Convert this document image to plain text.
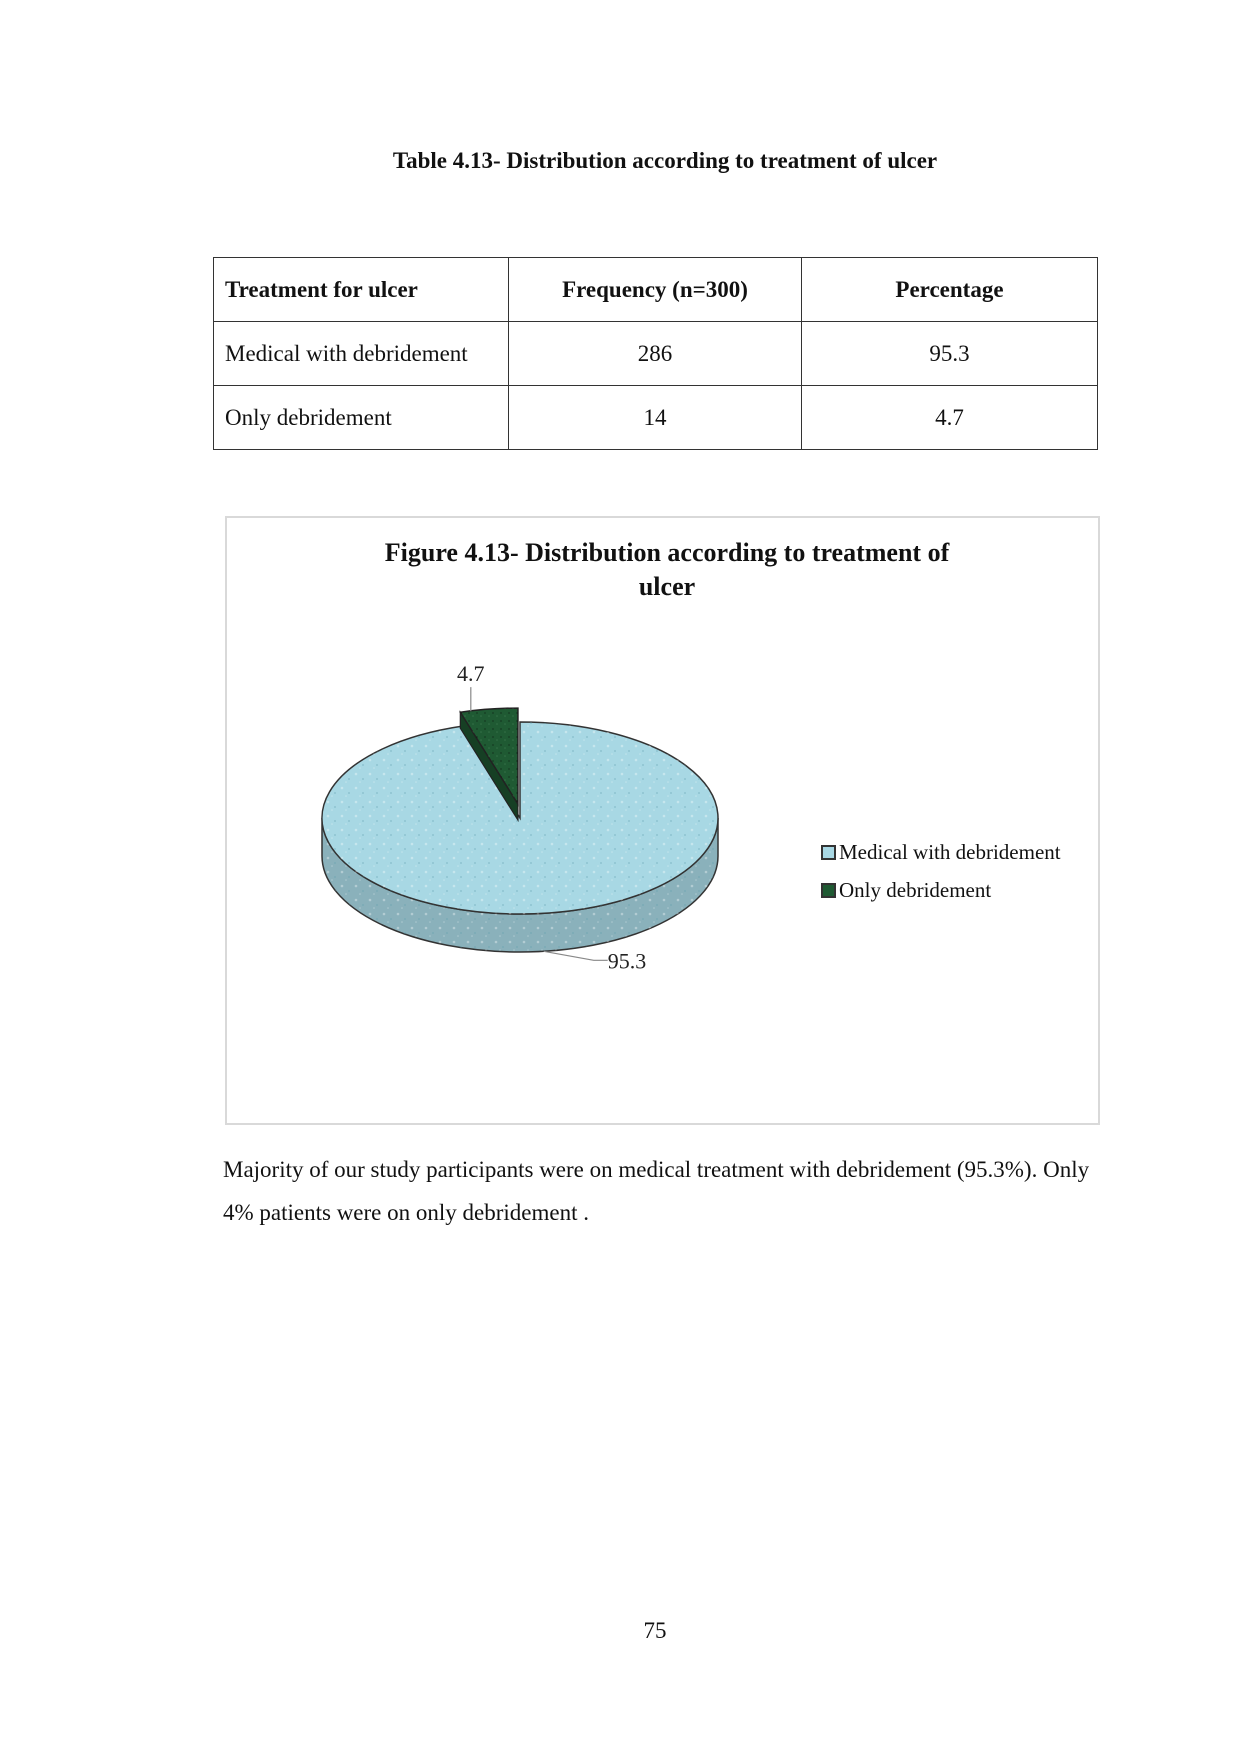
Table 4.13- Distribution according to treatment of ulcer
Treatment for ulcer	Frequency (n=300)	Percentage
Medical with debridement	286	95.3
Only debridement	14	4.7
Figure 4.13- Distribution according to treatment of
ulcer
4.7
95.3
Medical with debridement
Only debridement
Majority of our study participants were on medical treatment with debridement (95.3%). Only 4% patients were on only debridement .
75
